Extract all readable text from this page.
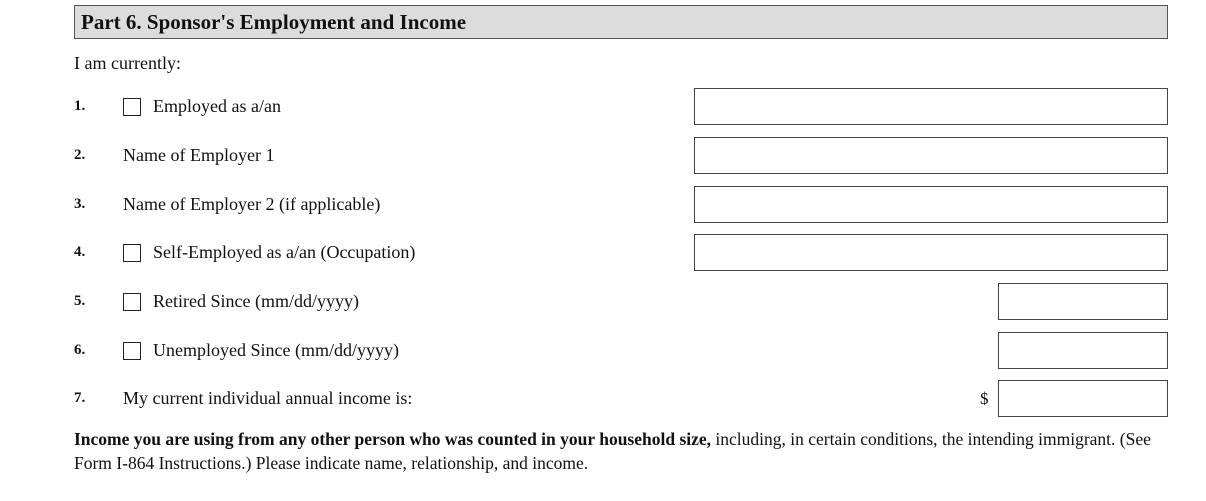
Part 6. Sponsor's Employment and Income
I am currently:
1.	Employed as a/an
2. Name of Employer 1
3. Name of Employer 2 (if applicable)
4.	Self-Employed as a/an (Occupation)
5.	Retired Since (mm/dd/yyyy)
6.	Unemployed Since (mm/dd/yyyy)
7. My current individual annual income is:	$
Income you are using from any other person who was counted in your household size, including, in certain conditions, the intending immigrant. (See Form I-864 Instructions.) Please indicate name, relationship, and income.
